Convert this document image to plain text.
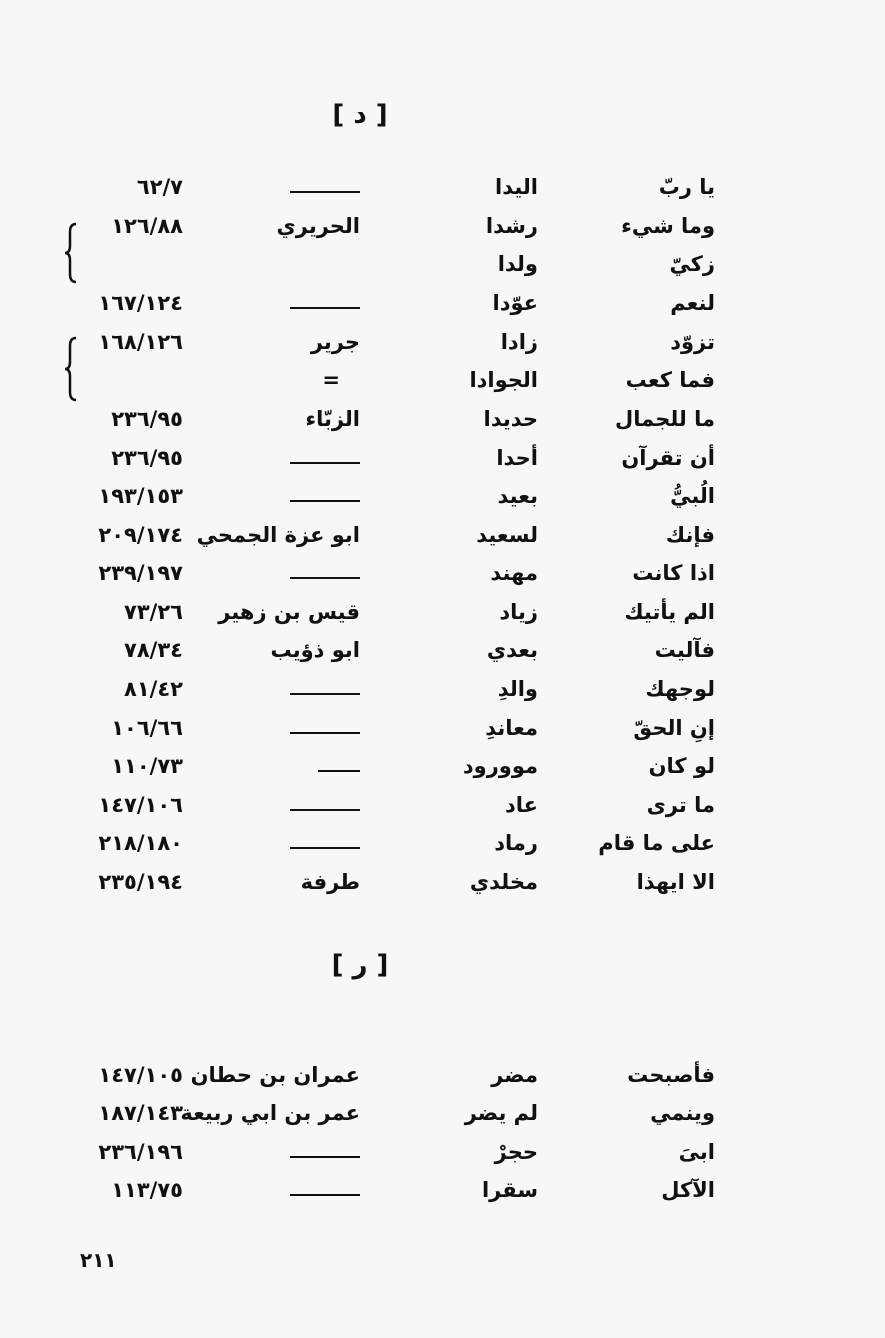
[ د ]
يا ربّ
اليدا
٦٢/٧
وما شيء
رشدا
الحريري
١٢٦/٨٨
زكيّ
ولدا
لنعم
عوّدا
١٦٧/١٢٤
تزوّد
زادا
جرير
١٦٨/١٢٦
فما كعب
الجوادا
=
ما للجمال
حديدا
الزبّاء
٢٣٦/٩٥
أن تقرآن
أحدا
٢٣٦/٩٥
الُبيُّ
بعيد
١٩٣/١٥٣
فإنك
لسعيد
ابو عزة الجمحي
٢٠٩/١٧٤
اذا كانت
مهند
٢٣٩/١٩٧
الم يأتيك
زياد
قيس بن زهير
٧٣/٢٦
فآليت
بعدي
ابو ذؤيب
٧٨/٣٤
لوجهك
والدِ
٨١/٤٢
إنِ الحقّ
معاندِ
١٠٦/٦٦
لو كان
موورود
١١٠/٧٣
ما ترى
عاد
١٤٧/١٠٦
على ما قام
رماد
٢١٨/١٨٠
الا ايهذا
مخلدي
طرفة
٢٣٥/١٩٤
[ ر ]
فأصبحت
مضر
عمران بن حطان
١٤٧/١٠٥
وينمي
لم يضر
عمر بن ابي ربيعة
١٨٧/١٤٣
ابىَ
حجرْ
٢٣٦/١٩٦
الآكل
سقرا
١١٣/٧٥
٢١١
